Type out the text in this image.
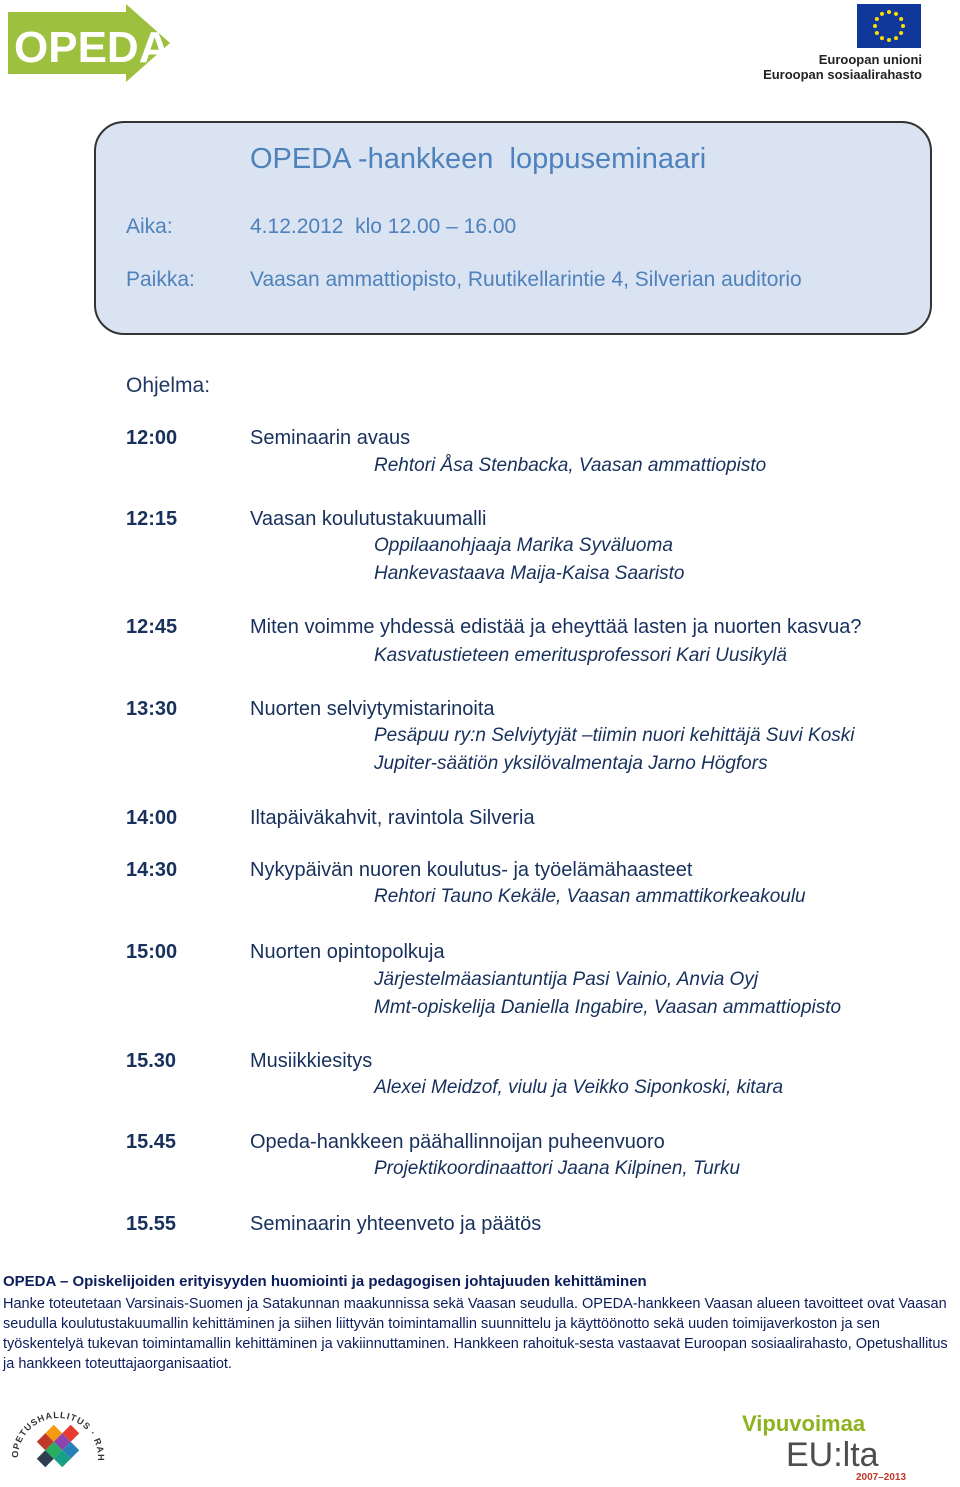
OPEDA	Euroopan unioni
Euroopan sosiaalirahasto
OPEDA -hankkeen  loppuseminaari
Aika:	4.12.2012  klo 12.00 – 16.00
Paikka:	Vaasan ammattiopisto, Ruutikellarintie 4, Silverian auditorio
Ohjelma:
12:00	Seminaarin avaus
Rehtori Åsa Stenbacka, Vaasan ammattiopisto
12:15	Vaasan koulutustakuumalli
Oppilaanohjaaja Marika Syväluoma
Hankevastaava Maija-Kaisa Saaristo
12:45	Miten voimme yhdessä edistää ja eheyttää lasten ja nuorten kasvua?
Kasvatustieteen emeritusprofessori Kari Uusikylä
13:30	Nuorten selviytymistarinoita
Pesäpuu ry:n Selviytyjät –tiimin nuori kehittäjä Suvi Koski
Jupiter-säätiön yksilövalmentaja Jarno Högfors
14:00	Iltapäiväkahvit, ravintola Silveria
14:30	Nykypäivän nuoren koulutus- ja työelämähaasteet
Rehtori Tauno Kekäle, Vaasan ammattikorkeakoulu
15:00	Nuorten opintopolkuja
Järjestelmäasiantuntija Pasi Vainio, Anvia Oyj
Mmt-opiskelija Daniella Ingabire, Vaasan ammattiopisto
15.30	Musiikkiesitys
Alexei Meidzof, viulu ja Veikko Siponkoski, kitara
15.45	Opeda-hankkeen päähallinnoijan puheenvuoro
Projektikoordinaattori Jaana Kilpinen, Turku
15.55	Seminaarin yhteenveto ja päätös
OPEDA – Opiskelijoiden erityisyyden huomiointi ja pedagogisen johtajuuden kehittäminen
Hanke toteutetaan Varsinais-Suomen ja Satakunnan maakunnissa sekä Vaasan seudulla. OPEDA-hankkeen Vaasan alueen tavoitteet ovat Vaasan seudulla koulutustakuumallin kehittäminen ja siihen liittyvän toimintamallin suunnittelu ja käyttöönotto sekä uuden toimijaverkoston ja sen työskentelyä tukevan toimintamallin kehittäminen ja vakiinnuttaminen. Hankkeen rahoituk-sesta vastaavat Euroopan sosiaalirahasto, Opetushallitus ja hankkeen toteuttajaorganisaatiot.
OPETUSHALLITUS · RAH
Vipuvoimaa
EU:lta
2007–2013
